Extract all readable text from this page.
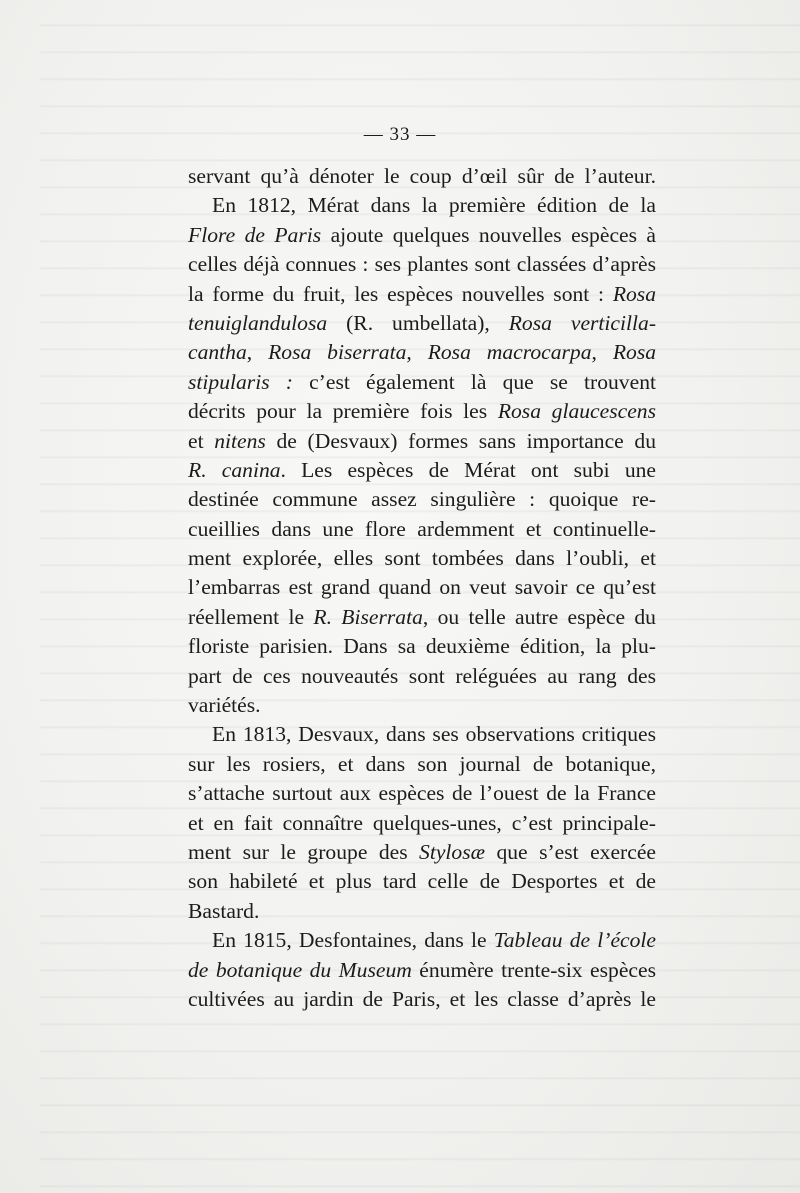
— 33 —
servant qu’à dénoter le coup d’œil sûr de l’auteur.
En 1812, Mérat dans la première édition de la
Flore de Paris ajoute quelques nouvelles espèces à
celles déjà connues : ses plantes sont classées d’après
la forme du fruit, les espèces nouvelles sont : Rosa
tenuiglandulosa (R. umbellata), Rosa verticilla-
cantha, Rosa biserrata, Rosa macrocarpa, Rosa
stipularis : c’est également là que se trouvent
décrits pour la première fois les Rosa glaucescens
et nitens de (Desvaux) formes sans importance du
R. canina. Les espèces de Mérat ont subi une
destinée commune assez singulière : quoique re-
cueillies dans une flore ardemment et continuelle-
ment explorée, elles sont tombées dans l’oubli, et
l’embarras est grand quand on veut savoir ce qu’est
réellement le R. Biserrata, ou telle autre espèce du
floriste parisien. Dans sa deuxième édition, la plu-
part de ces nouveautés sont reléguées au rang des
variétés.
En 1813, Desvaux, dans ses observations critiques
sur les rosiers, et dans son journal de botanique,
s’attache surtout aux espèces de l’ouest de la France
et en fait connaître quelques-unes, c’est principale-
ment sur le groupe des Stylosæ que s’est exercée
son habileté et plus tard celle de Desportes et de
Bastard.
En 1815, Desfontaines, dans le Tableau de l’école
de botanique du Museum énumère trente-six espèces
cultivées au jardin de Paris, et les classe d’après le
